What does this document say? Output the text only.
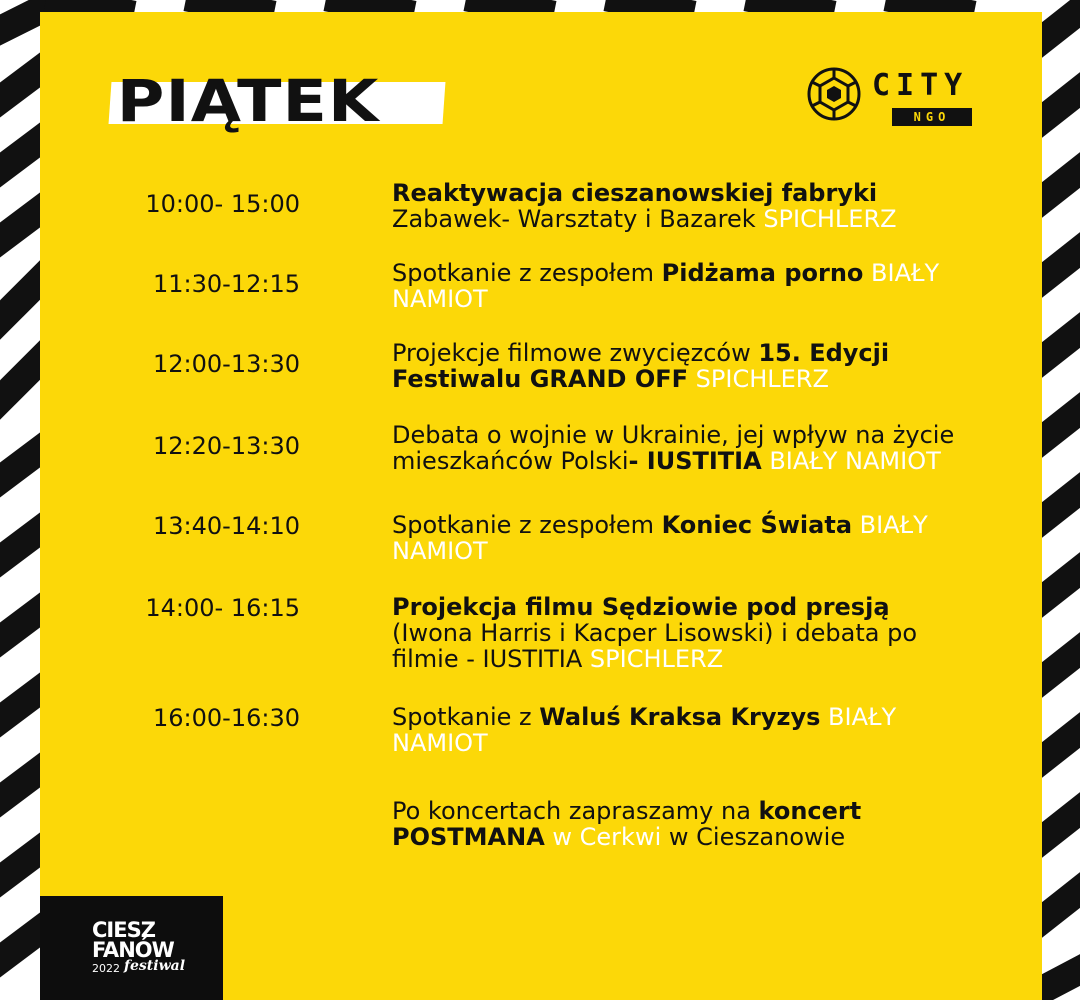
PIĄTEK	CITY
NGO
10:00- 15:00	Reaktywacja cieszanowskiej fabryki Zabawek- Warsztaty i Bazarek SPICHLERZ
11:30-12:15	Spotkanie z zespołem Pidżama porno BIAŁY NAMIOT
12:00-13:30	Projekcje filmowe zwycięzców 15. Edycji Festiwalu GRAND OFF SPICHLERZ
12:20-13:30	Debata o wojnie w Ukrainie, jej wpływ na życie mieszkańców Polski- IUSTITIA BIAŁY NAMIOT
13:40-14:10	Spotkanie z zespołem Koniec Świata BIAŁY NAMIOT
14:00- 16:15	Projekcja filmu Sędziowie pod presją (Iwona Harris i Kacper Lisowski) i debata po filmie - IUSTITIA SPICHLERZ
16:00-16:30	Spotkanie z Waluś Kraksa Kryzys BIAŁY NAMIOT
Po koncertach zapraszamy na koncert POSTMANA w Cerkwi w Cieszanowie
CIESZ
FANÓW
2022 festiwal
